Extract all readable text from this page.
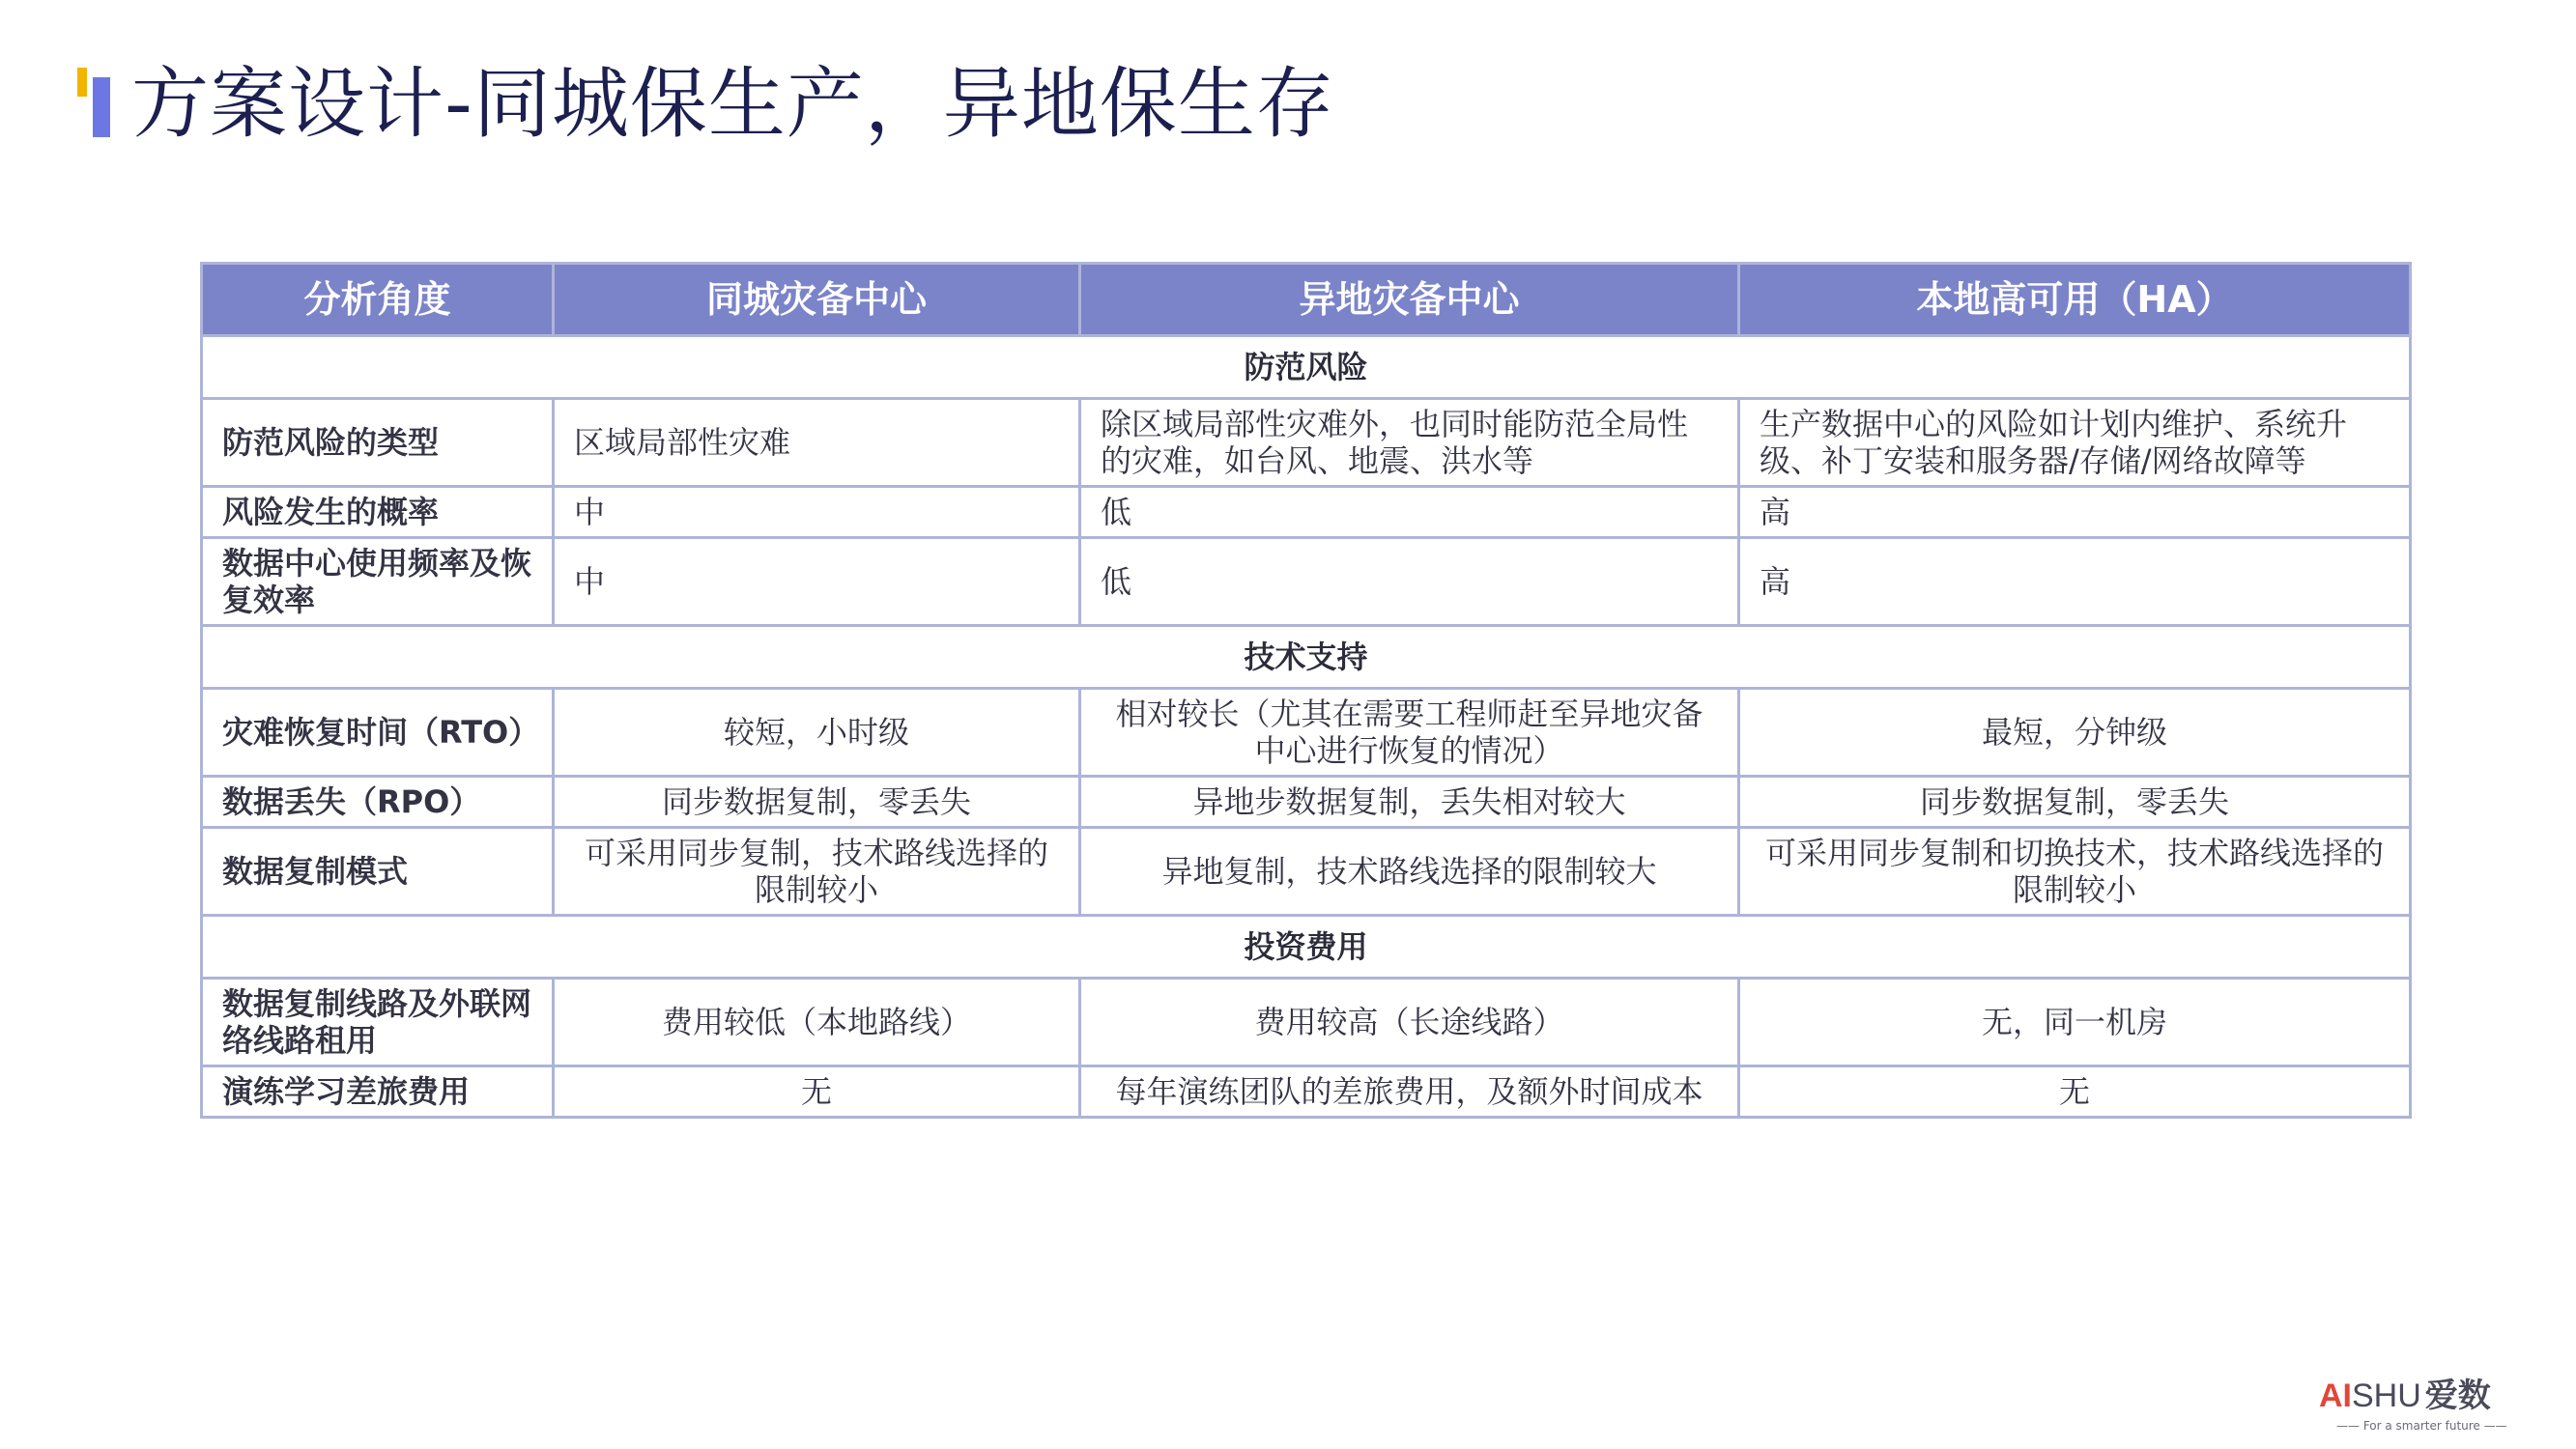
方案设计-同城保生产，异地保生存
分析角度	同城灾备中心	异地灾备中心	本地高可用（HA）
防范风险			
防范风险的类型	区域局部性灾难	除区域局部性灾难外，也同时能防范全局性的灾难，如台风、地震、洪水等	生产数据中心的风险如计划内维护、系统升级、补丁安装和服务器/存储/网络故障等
风险发生的概率	中	低	高
数据中心使用频率及恢复效率	中	低	高
技术支持			
灾难恢复时间（RTO）	较短，小时级	相对较长（尤其在需要工程师赶至异地灾备中心进行恢复的情况）	最短，分钟级
数据丢失（RPO）	同步数据复制，零丢失	异地步数据复制，丢失相对较大	同步数据复制，零丢失
数据复制模式	可采用同步复制，技术路线选择的限制较小	异地复制，技术路线选择的限制较大	可采用同步复制和切换技术，技术路线选择的限制较小
投资费用			
数据复制线路及外联网络线路租用	费用较低（本地路线）	费用较高（长途线路）	无，同一机房
演练学习差旅费用	无	每年演练团队的差旅费用，及额外时间成本	无
AISHU 爱数
—— For a smarter future ——
